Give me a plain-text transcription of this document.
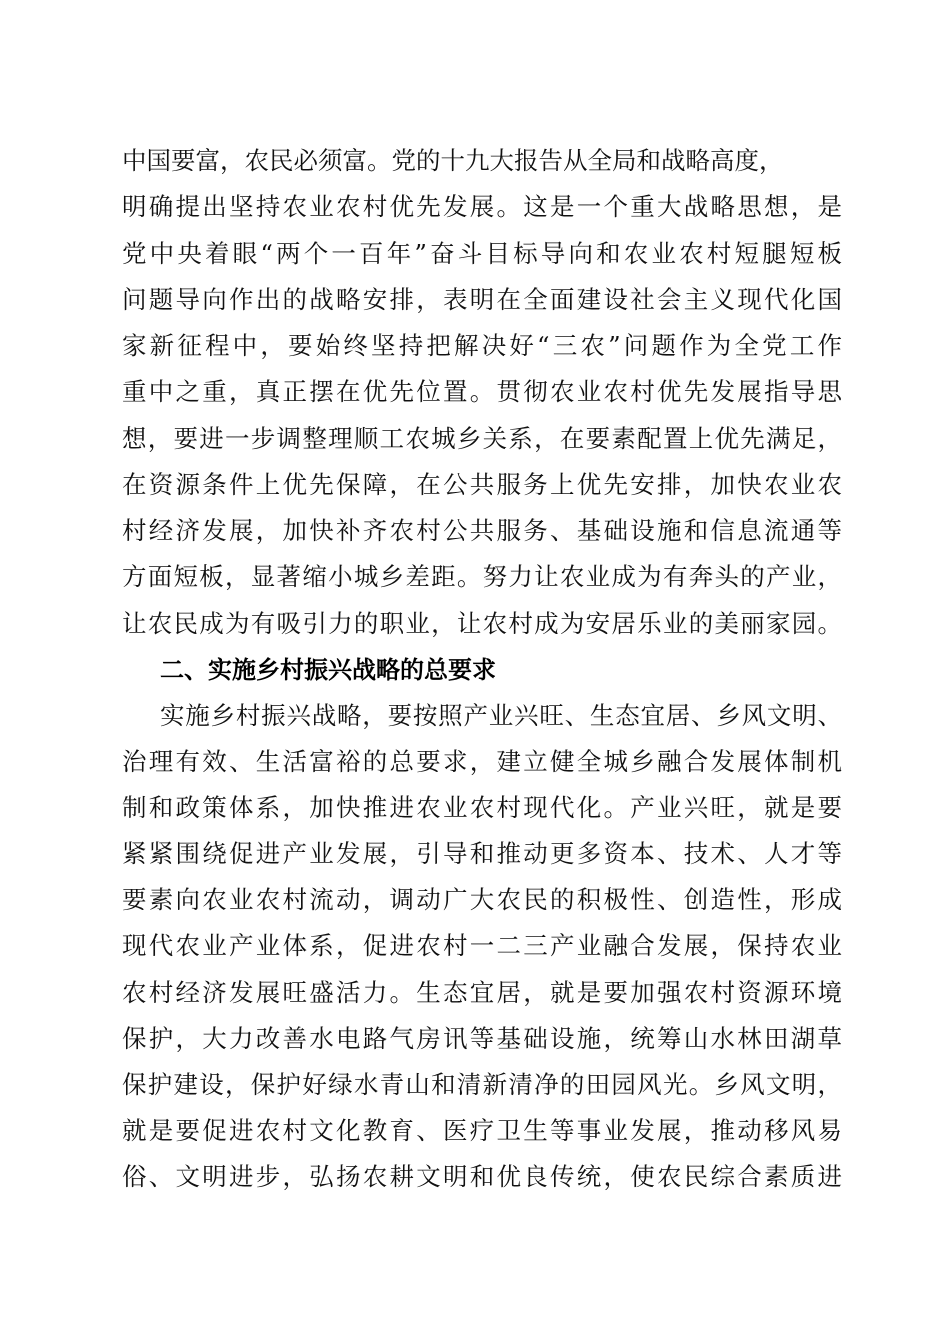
中国要富，农民必须富。党的十九大报告从全局和战略高度，
明确提出坚持农业农村优先发展。这是一个重大战略思想，是
党中央着眼“两个一百年”奋斗目标导向和农业农村短腿短板
问题导向作出的战略安排，表明在全面建设社会主义现代化国
家新征程中，要始终坚持把解决好“三农”问题作为全党工作
重中之重，真正摆在优先位置。贯彻农业农村优先发展指导思
想，要进一步调整理顺工农城乡关系，在要素配置上优先满足，
在资源条件上优先保障，在公共服务上优先安排，加快农业农
村经济发展，加快补齐农村公共服务、基础设施和信息流通等
方面短板，显著缩小城乡差距。努力让农业成为有奔头的产业，
让农民成为有吸引力的职业，让农村成为安居乐业的美丽家园。
二、实施乡村振兴战略的总要求
实施乡村振兴战略，要按照产业兴旺、生态宜居、乡风文明、
治理有效、生活富裕的总要求，建立健全城乡融合发展体制机
制和政策体系，加快推进农业农村现代化。产业兴旺，就是要
紧紧围绕促进产业发展，引导和推动更多资本、技术、人才等
要素向农业农村流动，调动广大农民的积极性、创造性，形成
现代农业产业体系，促进农村一二三产业融合发展，保持农业
农村经济发展旺盛活力。生态宜居，就是要加强农村资源环境
保护，大力改善水电路气房讯等基础设施，统筹山水林田湖草
保护建设，保护好绿水青山和清新清净的田园风光。乡风文明，
就是要促进农村文化教育、医疗卫生等事业发展，推动移风易
俗、文明进步，弘扬农耕文明和优良传统，使农民综合素质进
